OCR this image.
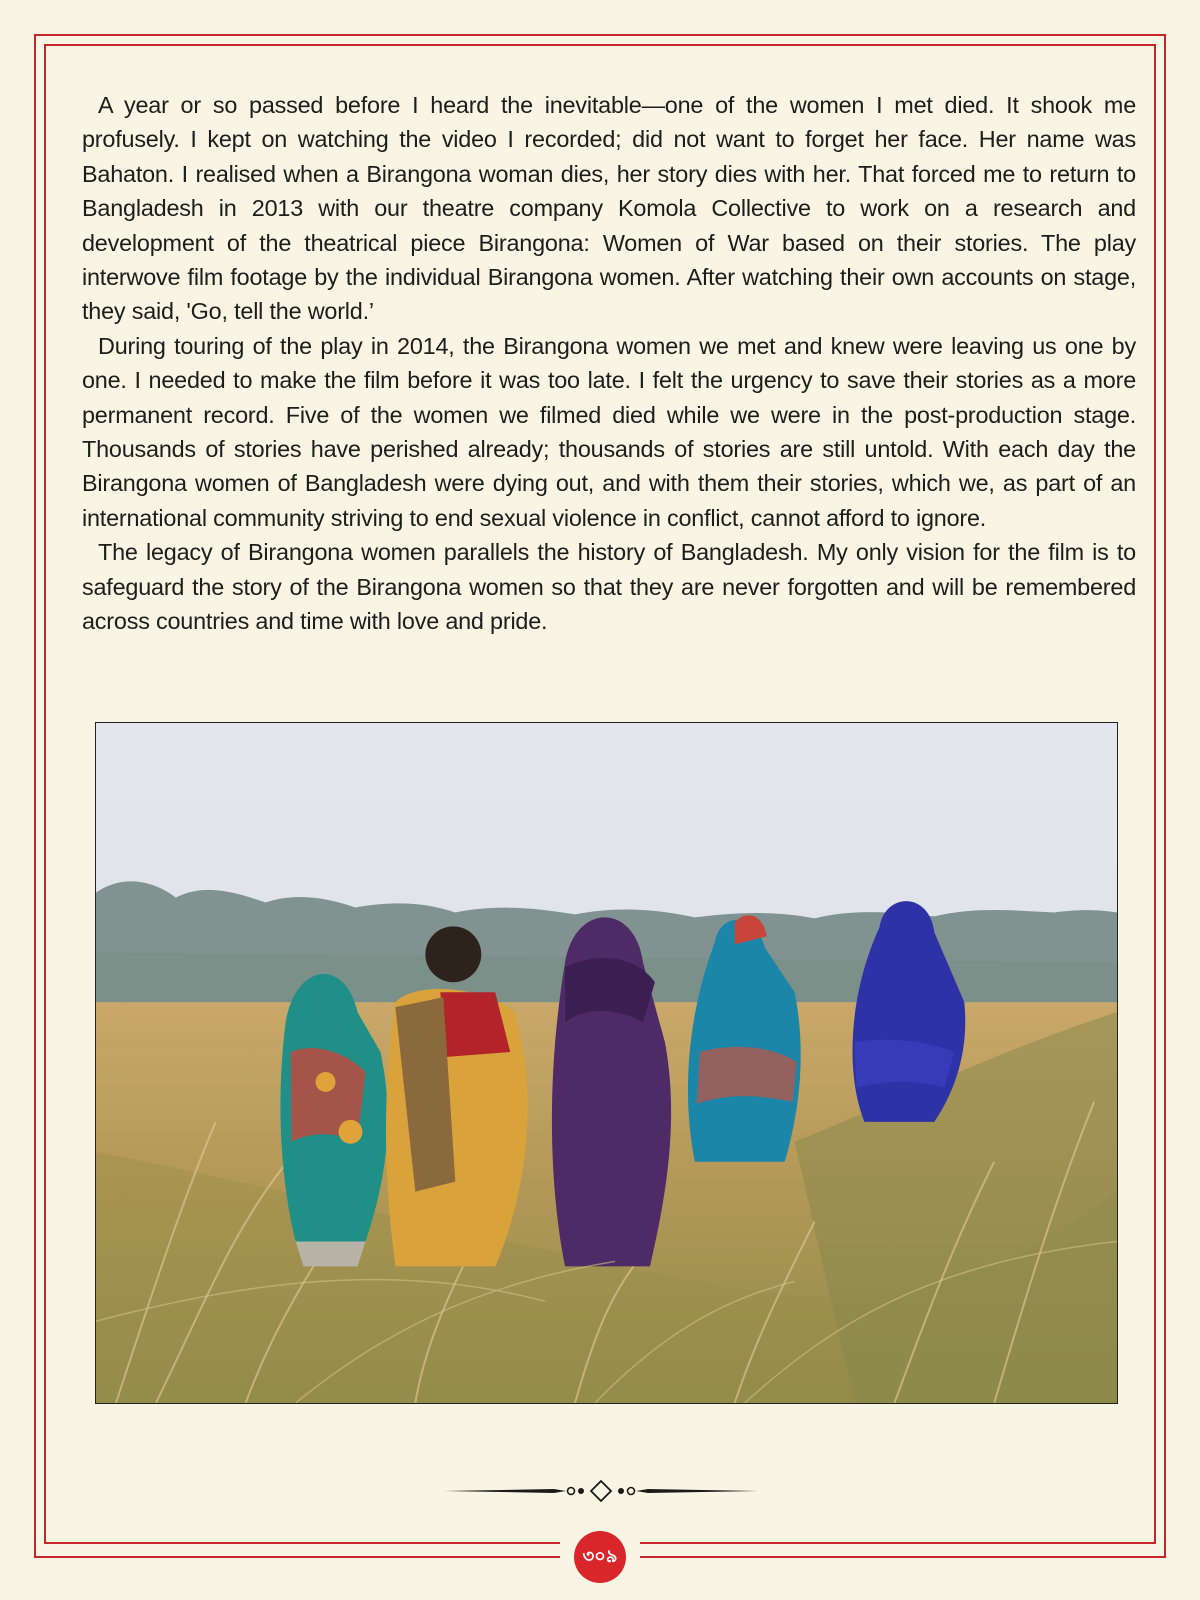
A year or so passed before I heard the inevitable—one of the women I met died. It shook me profusely. I kept on watching the video I recorded; did not want to forget her face. Her name was Bahaton. I realised when a Birangona woman dies, her story dies with her. That forced me to return to Bangladesh in 2013 with our theatre company Komola Collective to work on a research and development of the theatrical piece Birangona: Women of War based on their stories. The play interwove film footage by the individual Birangona women. After watching their own accounts on stage, they said, 'Go, tell the world.’

During touring of the play in 2014, the Birangona women we met and knew were leaving us one by one. I needed to make the film before it was too late. I felt the urgency to save their stories as a more permanent record. Five of the women we filmed died while we were in the post-production stage. Thousands of stories have perished already; thousands of stories are still untold. With each day the Birangona women of Bangladesh were dying out, and with them their stories, which we, as part of an international community striving to end sexual violence in conflict, cannot afford to ignore.

The legacy of Birangona women parallels the history of Bangladesh. My only vision for the film is to safeguard the story of the Birangona women so that they are never forgotten and will be remembered across countries and time with love and pride.

৩০৯
